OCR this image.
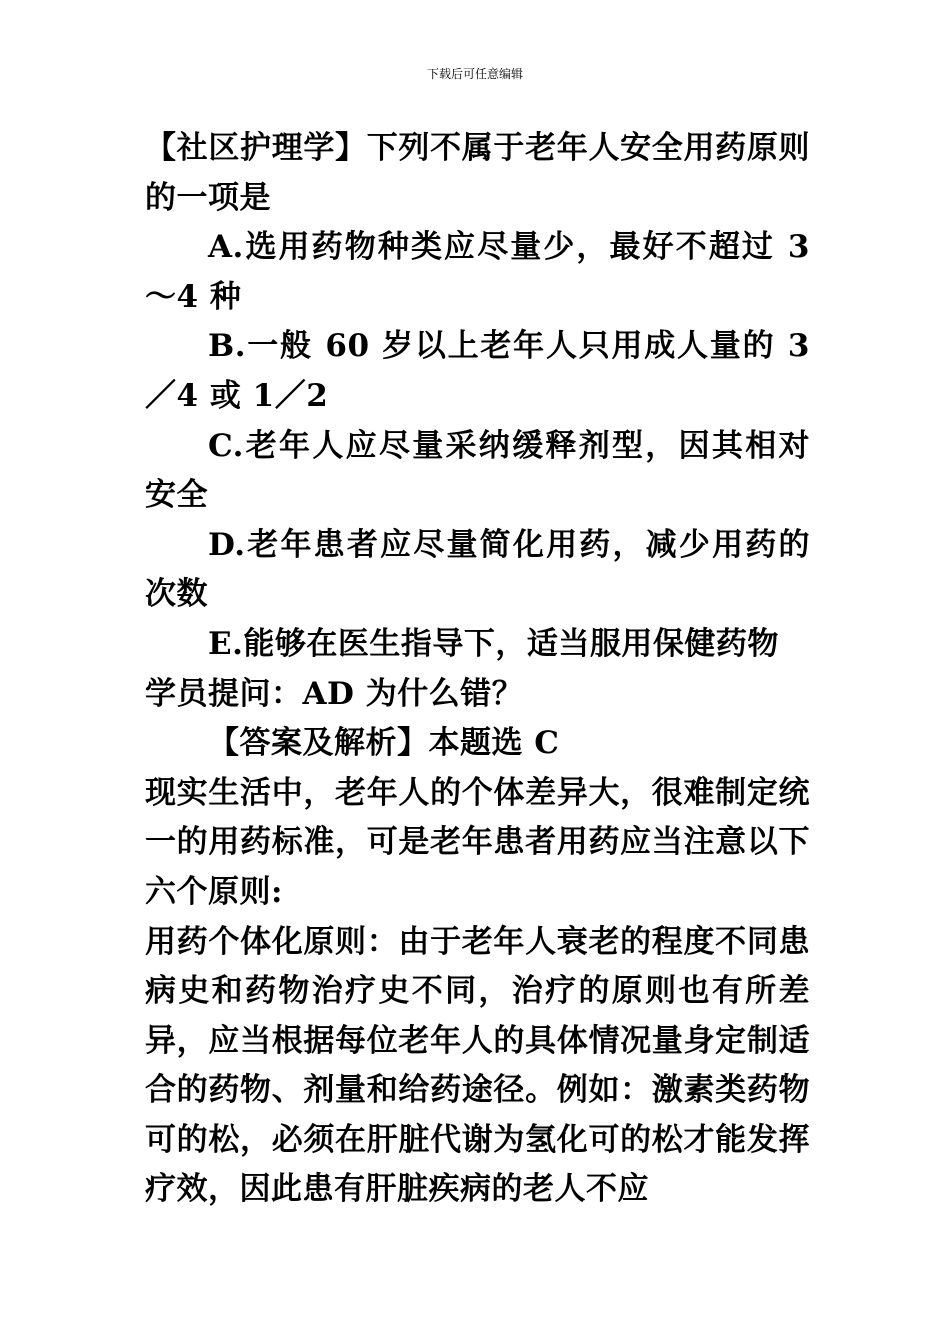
下载后可任意编辑

【社区护理学】下列不属于老年人安全用药原则的一项是

A.选用药物种类应尽量少，最好不超过 3～4 种

B.一般 60 岁以上老年人只用成人量的 3／4 或 1／2

C.老年人应尽量采纳缓释剂型，因其相对安全

D.老年患者应尽量简化用药，减少用药的次数

E.能够在医生指导下，适当服用保健药物

学员提问：AD 为什么错？

【答案及解析】本题选 C

现实生活中，老年人的个体差异大，很难制定统一的用药标准，可是老年患者用药应当注意以下六个原则:

用药个体化原则：由于老年人衰老的程度不同患病史和药物治疗史不同，治疗的原则也有所差异，应当根据每位老年人的具体情况量身定制适合的药物、剂量和给药途径。例如：激素类药物可的松，必须在肝脏代谢为氢化可的松才能发挥疗效，因此患有肝脏疾病的老人不应
